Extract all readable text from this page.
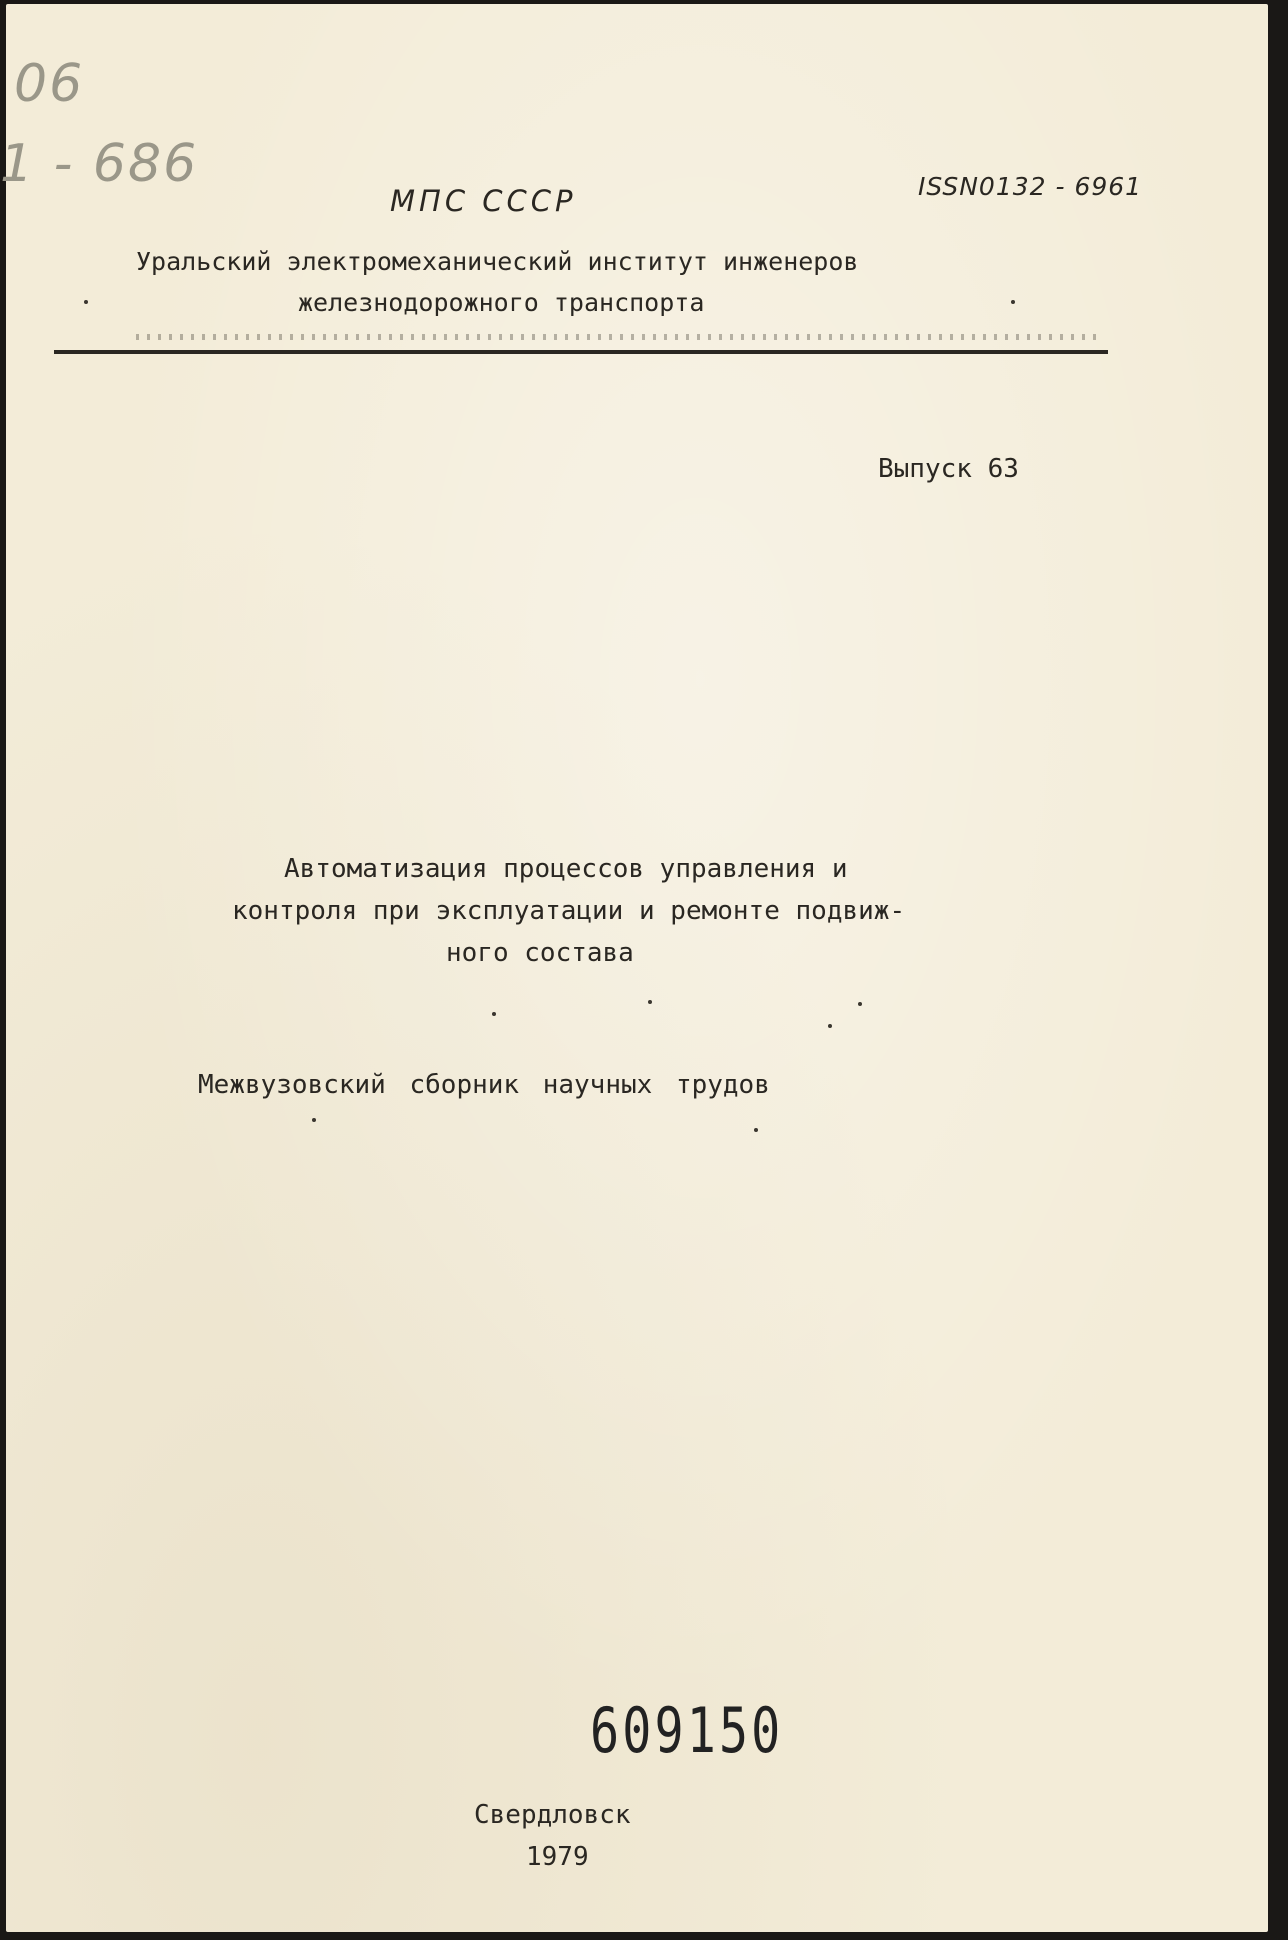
06
1 - 686
МПС СССР	ISSN0132 - 6961
Уральский электромеханический институт инженеров
железнодорожного транспорта
Выпуск 63
Автоматизация процессов управления и
контроля при эксплуатации и ремонте подвиж-
ного состава
Межвузовский сборник научных трудов
609150
Свердловск
1979
